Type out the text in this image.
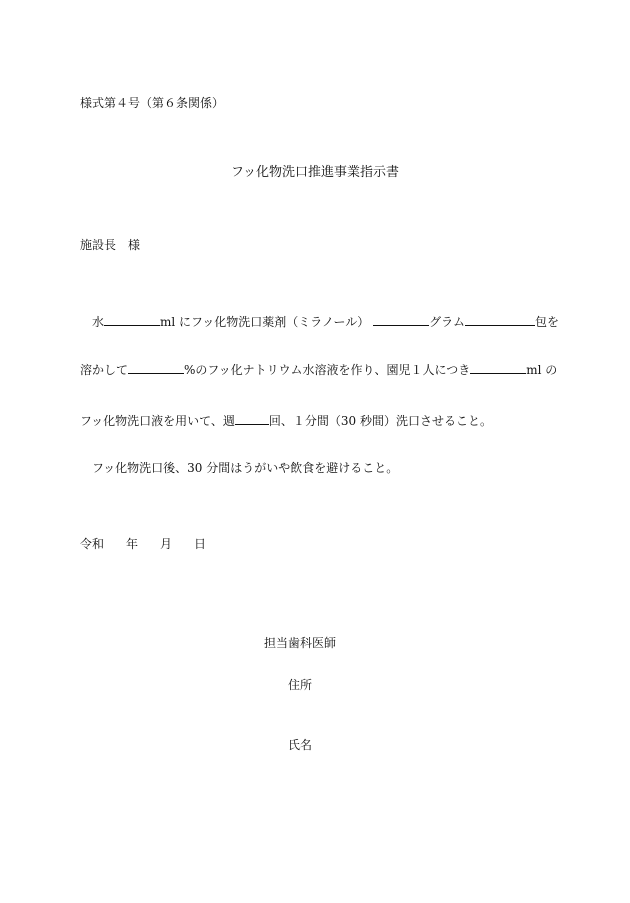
様式第４号（第６条関係）
フッ化物洗口推進事業指示書
施設長　様
水	ml にフッ化物洗口薬剤（ミラノール）	グラム	包を
溶かして	%のフッ化ナトリウム水溶液を作り、園児１人につき	ml の
フッ化物洗口液を用いて、週	回、１分間（30 秒間）洗口させること。
フッ化物洗口後、30 分間はうがいや飲食を避けること。
令和 年 月 日
担当歯科医師
住所
氏名
